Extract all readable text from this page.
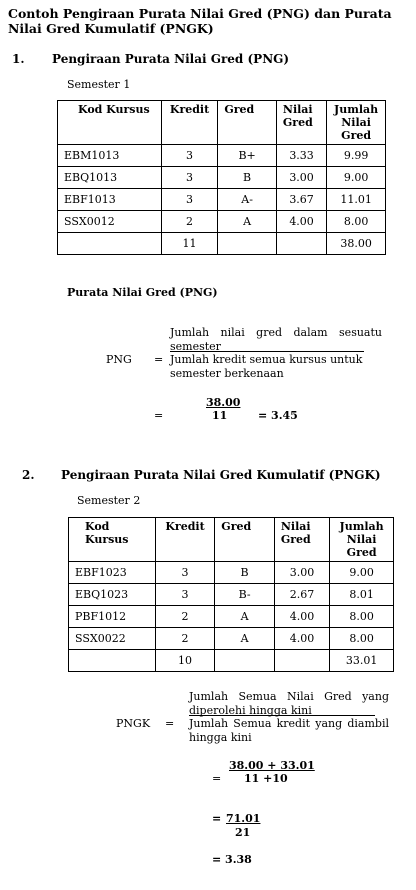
Contoh Pengiraan Purata Nilai Gred (PNG) dan Purata Nilai Gred Kumulatif (PNGK)
1. Pengiraan Purata Nilai Gred (PNG)
Semester 1
Kod Kursus	Kredit	Gred	Nilai Gred	Jumlah Nilai Gred
EBM1013	3	B+	3.33	9.99
EBQ1013	3	B	3.00	9.00
EBF1013	3	A-	3.67	11.01
SSX0012	2	A	4.00	8.00
	11			38.00
Purata Nilai Gred (PNG)
Jumlah nilai gred dalam sesuatu
semester
PNG = Jumlah kredit semua kursus untuk
semester berkenaan
38.00
=	11	= 3.45
2. Pengiraan Purata Nilai Gred Kumulatif (PNGK)
Semester 2
Kod Kursus	Kredit	Gred	Nilai Gred	Jumlah Nilai Gred
EBF1023	3	B	3.00	9.00
EBQ1023	3	B-	2.67	8.01
PBF1012	2	A	4.00	8.00
SSX0022	2	A	4.00	8.00
	10			33.01
Jumlah Semua Nilai Gred yang
diperolehi hingga kini
PNGK = Jumlah Semua kredit yang diambil
hingga kini
38.00 + 33.01
= 11 +10
= 71.01
21
= 3.38
